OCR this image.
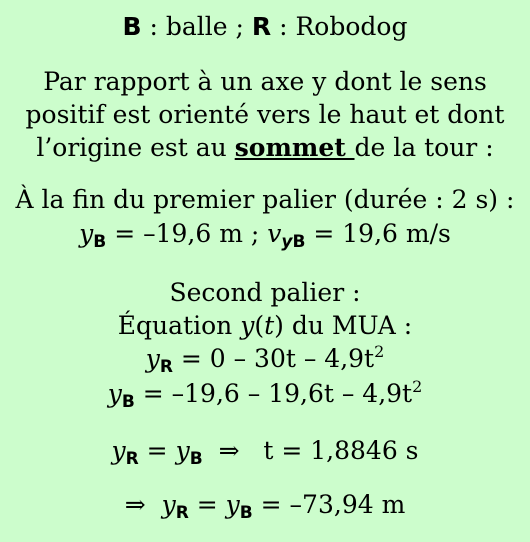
B : balle ; R : Robodog
Par rapport à un axe y dont le sens
positif est orienté vers le haut et dont
l’origine est au sommet de la tour :
À la fin du premier palier (durée : 2 s) :
$y_B = -19,6$ m ; $v_{yB} = 19,6$ m/s
Second palier :
Équation y(t) du MUA :
$y_R = 0 - 30t - 4,9t^2$
$y_B = -19,6 - 19,6t - 4,9t^2$
$y_R = y_B$ ⇒ t = 1,8846 s
⇒ $y_R = y_B = -73,94$ m
